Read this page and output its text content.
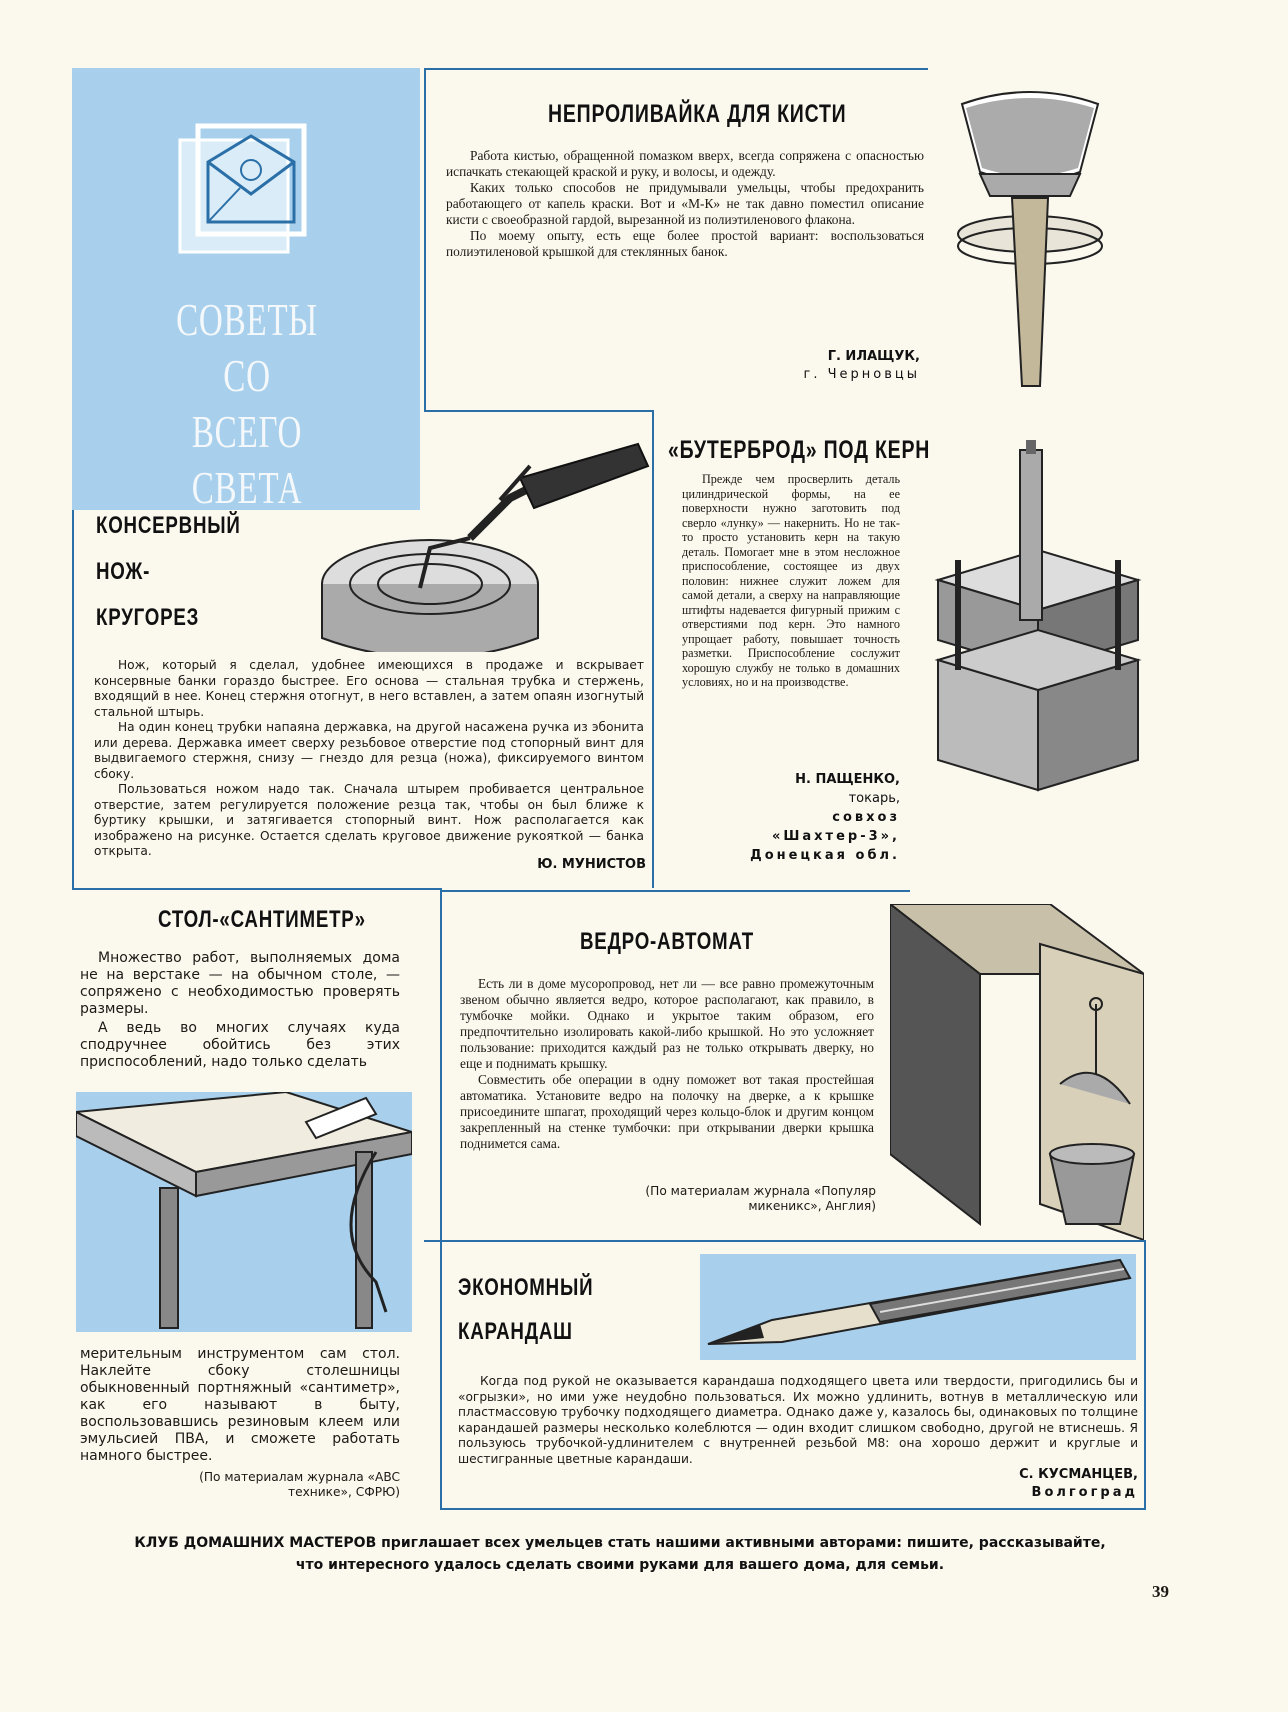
СОВЕТЫ СО ВСЕГО СВЕТА
НЕПРОЛИВАЙКА ДЛЯ КИСТИ

Работа кистью, обращенной помазком вверх, всегда сопряжена с опасностью испачкать стекающей краской и руку, и волосы, и одежду.

Каких только способов не придумывали умельцы, чтобы предохранить работающего от капель краски. Вот и «М-К» не так давно поместил описание кисти с своеобразной гардой, вырезанной из полиэтиленового флакона.

По моему опыту, есть еще более простой вариант: воспользоваться полиэтиленовой крышкой для стеклянных банок.

Г. ИЛАЩУК,
г. Черновцы
КОНСЕРВНЫЙ
НОЖ-
КРУГОРЕЗ

Нож, который я сделал, удобнее имеющихся в продаже и вскрывает консервные банки гораздо быстрее. Его основа — стальная трубка и стержень, входящий в нее. Конец стержня отогнут, в него вставлен, а затем опаян изогнутый стальной штырь.

На один конец трубки напаяна державка, на другой насажена ручка из эбонита или дерева. Державка имеет сверху резьбовое отверстие под стопорный винт для выдвигаемого стержня, снизу — гнездо для резца (ножа), фиксируемого винтом сбоку.

Пользоваться ножом надо так. Сначала штырем пробивается центральное отверстие, затем регулируется положение резца так, чтобы он был ближе к буртику крышки, и затягивается стопорный винт. Нож располагается как изображено на рисунке. Остается сделать круговое движение рукояткой — банка открыта.

Ю. МУНИСТОВ
«БУТЕРБРОД» ПОД КЕРН

Прежде чем просверлить деталь цилиндрической формы, на ее поверхности нужно заготовить под сверло «лунку» — накернить. Но не так-то просто установить керн на такую деталь. Помогает мне в этом несложное приспособление, состоящее из двух половин: нижнее служит ложем для самой детали, а сверху на направляющие штифты надевается фигурный прижим с отверстиями под керн. Это намного упрощает работу, повышает точность разметки. Приспособление сослужит хорошую службу не только в домашних условиях, но и на производстве.

Н. ПАЩЕНКО,
токарь,
совхоз
«Шахтер-3»,
Донецкая обл.
СТОЛ-«САНТИМЕТР»
Множество работ, выполняемых дома не на верстаке — на обычном столе, — сопряжено с необходимостью проверять размеры.
А ведь во многих случаях куда сподручнее обойтись без этих приспособлений, надо только сделать
мерительным инструментом сам стол. Наклейте сбоку столешницы обыкновенный портняжный «сантиметр», как его называют в быту, воспользовавшись резиновым клеем или эмульсией ПВА, и сможете работать намного быстрее.
(По материалам журнала «ABC технике», СФРЮ)
ВЕДРО-АВТОМАТ

Есть ли в доме мусоропровод, нет ли — все равно промежуточным звеном обычно является ведро, которое располагают, как правило, в тумбочке мойки. Однако и укрытое таким образом, его предпочтительно изолировать какой-либо крышкой. Но это усложняет пользование: приходится каждый раз не только открывать дверку, но еще и поднимать крышку.

Совместить обе операции в одну поможет вот такая простейшая автоматика. Установите ведро на полочку на дверке, а к крышке присоедините шпагат, проходящий через кольцо-блок и другим концом закрепленный на стенке тумбочки: при открывании дверки крышка поднимется сама.

(По материалам журнала «Популяр микеникс», Англия)
ЭКОНОМНЫЙ
КАРАНДАШ

Когда под рукой не оказывается карандаша подходящего цвета или твердости, пригодились бы и «огрызки», но ими уже неудобно пользоваться. Их можно удлинить, вотнув в металлическую или пластмассовую трубочку подходящего диаметра. Однако даже у, казалось бы, одинаковых по толщине карандашей размеры несколько колеблются — один входит слишком свободно, другой не втиснешь. Я пользуюсь трубочкой-удлинителем с внутренней резьбой М8: она хорошо держит и круглые и шестигранные цветные карандаши.

С. КУСМАНЦЕВ,
Волгоград
КЛУБ ДОМАШНИХ МАСТЕРОВ приглашает всех умельцев стать нашими активными авторами: пишите, рассказывайте,
что интересного удалось сделать своими руками для вашего дома, для семьи.
39
